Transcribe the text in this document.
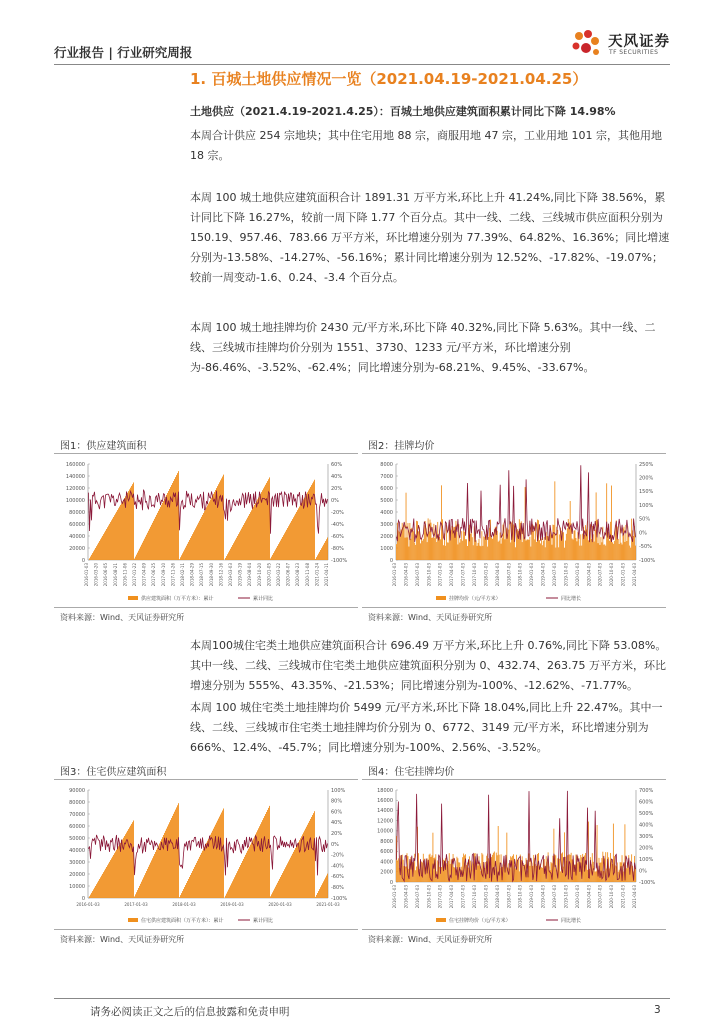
行业报告 | 行业研究周报
天风证券
TF SECURITIES
1. 百城土地供应情况一览（2021.04.19-2021.04.25）
土地供应（2021.4.19-2021.4.25）：百城土地供应建筑面积累计同比下降 14.98%
本周合计供应 254 宗地块；其中住宅用地 88 宗，商服用地 47 宗，工业用地 101 宗，其他用地 18 宗。
本周 100 城土地供应建筑面积合计 1891.31 万平方米,环比上升 41.24%,同比下降 38.56%，累计同比下降 16.27%，较前一周下降 1.77 个百分点。其中一线、二线、三线城市供应面积分别为 150.19、957.46、783.66 万平方米，环比增速分别为 77.39%、64.82%、16.36%；同比增速分别为-13.58%、-14.27%、-56.16%；累计同比增速分别为 12.52%、-17.82%、-19.07%；较前一周变动-1.6、0.24、-3.4 个百分点。
本周 100 城土地挂牌均价 2430 元/平方米,环比下降 40.32%,同比下降 5.63%。其中一线、二线、三线城市挂牌均价分别为 1551、3730、1233 元/平方米，环比增速分别为-86.46%、-3.52%、-62.4%；同比增速分别为-68.21%、9.45%、-33.67%。
图1：供应建筑面积	图2：挂牌均价
160000
140000
120000
100000
80000
60000
40000
20000
0
60%
40%
20%
0%
-20%
-40%
-60%
-80%
-100%
2016-01-03 2016-03-20 2016-06-05 2016-08-21 2016-11-06 2017-01-22 2017-04-09 2017-06-25 2017-09-10 2017-11-26 2018-02-11 2018-04-29 2018-07-15 2018-09-30 2018-12-16 2019-03-03 2019-05-19 2019-08-04 2019-10-20 2020-01-05 2020-03-22 2020-06-07 2020-08-23 2020-11-08 2021-01-24 2021-04-11
供应建筑面积（万平方米）：累计	累计同比
8000
7000
6000
5000
4000
3000
2000
1000
0
250%
200%
150%
100%
50%
0%
-50%
-100%
2016-01-03 2016-04-03 2016-07-03 2016-10-03 2017-01-03 2017-04-03 2017-07-03 2017-10-03 2018-01-03 2018-04-03 2018-07-03 2018-10-03 2019-01-03 2019-04-03 2019-07-03 2019-10-03 2020-01-03 2020-04-03 2020-07-03 2020-10-03 2021-01-03 2021-04-03
挂牌均价（元/平方米）	同比增长
资料来源：Wind、天风证券研究所	资料来源：Wind、天风证券研究所
本周100城住宅类土地供应建筑面积合计 696.49 万平方米,环比上升 0.76%,同比下降 53.08%。其中一线、二线、三线城市住宅类土地供应建筑面积分别为 0、432.74、263.75 万平方米，环比增速分别为 555%、43.35%、-21.53%；同比增速分别为-100%、-12.62%、-71.77%。
本周 100 城住宅类土地挂牌均价 5499 元/平方米,环比下降 18.04%,同比上升 22.47%。其中一线、二线、三线城市住宅类土地挂牌均价分别为 0、6772、3149 元/平方米，环比增速分别为 666%、12.4%、-45.7%；同比增速分别为-100%、2.56%、-3.52%。
图3：住宅供应建筑面积	图4：住宅挂牌均价
90000
80000
70000
60000
50000
40000
30000
20000
10000
0
100%
80%
60%
40%
20%
0%
-20%
-40%
-60%
-80%
-100%
2016-01-03	2017-01-03	2018-01-03	2019-01-03	2020-01-03	2021-01-03
住宅供应建筑面积（万平方米）：累计	累计同比
18000
16000
14000
12000
10000
8000
6000
4000
2000
0
700%
600%
500%
400%
300%
200%
100%
0%
-100%
2016-01-03 2016-04-03 2016-07-03 2016-10-03 2017-01-03 2017-04-03 2017-07-03 2017-10-03 2018-01-03 2018-04-03 2018-07-03 2018-10-03 2019-01-03 2019-04-03 2019-07-03 2019-10-03 2020-01-03 2020-04-03 2020-07-03 2020-10-03 2021-01-03 2021-04-03
住宅挂牌均价（元/平方米）	同比增长
资料来源：Wind、天风证券研究所	资料来源：Wind、天风证券研究所
请务必阅读正文之后的信息披露和免责申明	3
